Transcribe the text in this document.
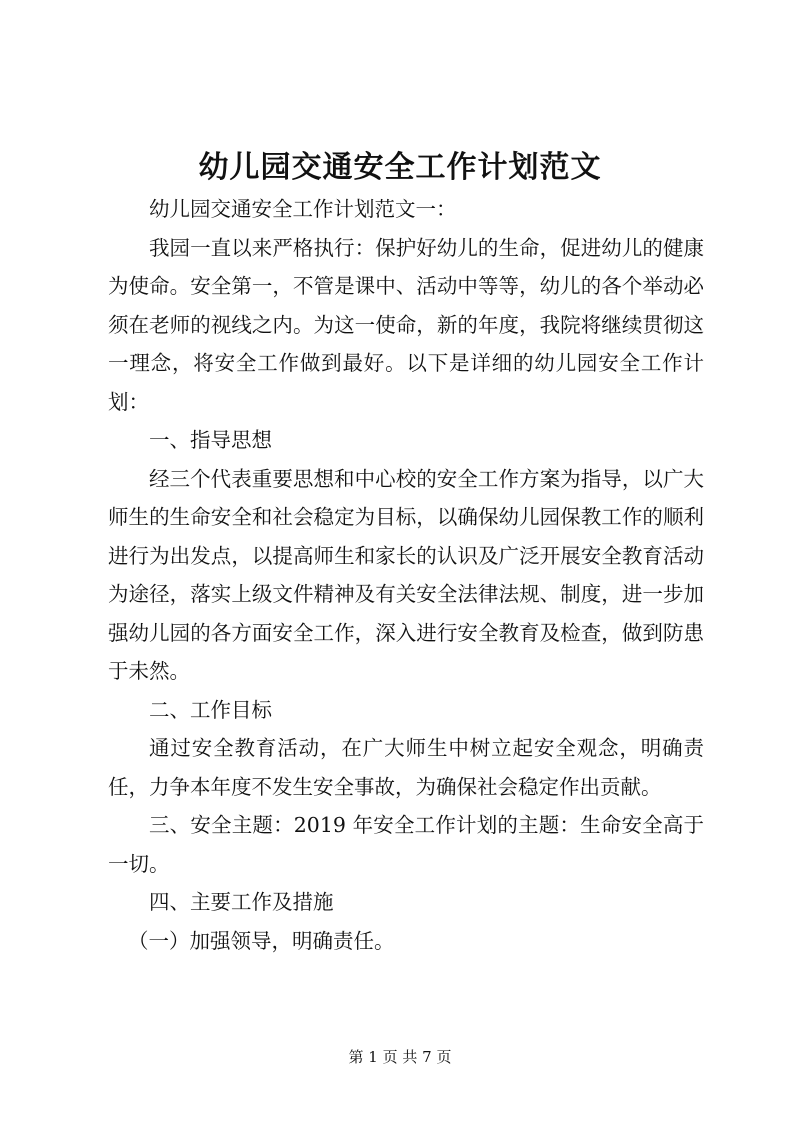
幼儿园交通安全工作计划范文

幼儿园交通安全工作计划范文一：

我园一直以来严格执行：保护好幼儿的生命，促进幼儿的健康为使命。安全第一，不管是课中、活动中等等，幼儿的各个举动必须在老师的视线之内。为这一使命，新的年度，我院将继续贯彻这一理念，将安全工作做到最好。以下是详细的幼儿园安全工作计划：

一、指导思想

经三个代表重要思想和中心校的安全工作方案为指导，以广大师生的生命安全和社会稳定为目标，以确保幼儿园保教工作的顺利进行为出发点，以提高师生和家长的认识及广泛开展安全教育活动为途径，落实上级文件精神及有关安全法律法规、制度，进一步加强幼儿园的各方面安全工作，深入进行安全教育及检查，做到防患于未然。

二、工作目标

通过安全教育活动，在广大师生中树立起安全观念，明确责任，力争本年度不发生安全事故，为确保社会稳定作出贡献。

三、安全主题：2019 年安全工作计划的主题：生命安全高于一切。

四、主要工作及措施

（一）加强领导，明确责任。

第 1 页 共 7 页
